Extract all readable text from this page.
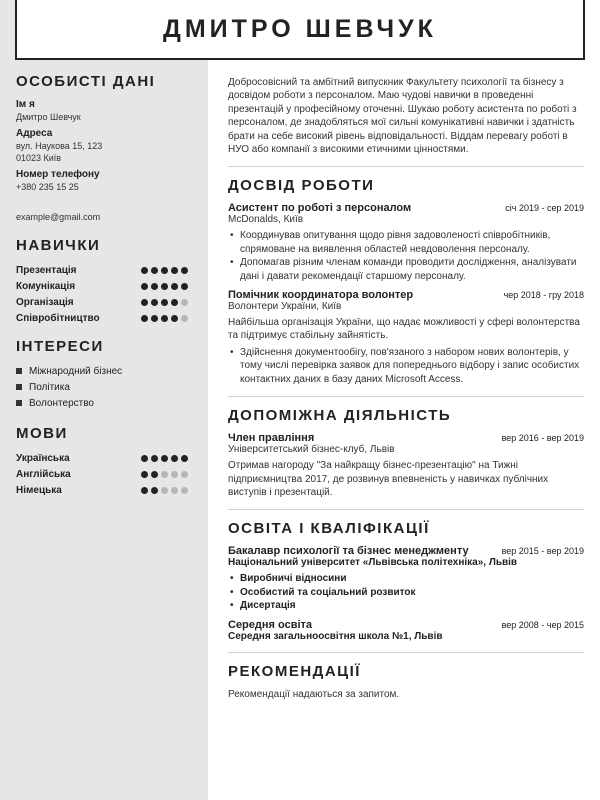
ДМИТРО ШЕВЧУК
ОСОБИСТІ ДАНІ
Ім я
Дмитро Шевчук
Адреса
вул. Наукова 15, 123
01023 Київ
Номер телефону
+380 235 15 25
example@gmail.com
НАВИЧКИ
Презентація
Комунікація
Організація
Співробітництво
ІНТЕРЕСИ
Міжнародний бізнес
Політика
Волонтерство
МОВИ
Українська
Англійська
Німецька
Добросовісний та амбітний випускник Факультету психології та бізнесу з досвідом роботи з персоналом. Маю чудові навички в проведенні презентацій у професійному оточенні. Шукаю роботу асистента по роботі з персоналом, де знадобляться мої сильні комунікативні навички і здатність брати на себе високий рівень відповідальності. Віддам перевагу роботі в НУО або компанії з високими етичними цінностями.
ДОСВІД РОБОТИ
Асистент по роботі з персоналом	січ 2019 - сер 2019
McDonalds, Київ
• Координував опитування щодо рівня задоволеності співробітників, спрямоване на виявлення областей невдоволення персоналу.
• Допомагав різним членам команди проводити дослідження, аналізувати дані і давати рекомендації старшому персоналу.
Помічник координатора волонтер	чер 2018 - гру 2018
Волонтери України, Київ
Найбільша організація України, що надає можливості у сфері волонтерства та підтримує стабільну зайнятість.
• Здійснення документообігу, пов'язаного з набором нових волонтерів, у тому числі перевірка заявок для попереднього відбору і запис особистих контактних даних в базу даних Microsoft Access.
ДОПОМІЖНА ДІЯЛЬНІСТЬ
Член правління	вер 2016 - вер 2019
Університетський бізнес-клуб, Львів
Отримав нагороду "За найкращу бізнес-презентацію" на Тижні підприємництва 2017, де розвинув впевненість у навичках публічних виступів і презентацій.
ОСВІТА І КВАЛІФІКАЦІЇ
Бакалавр психології та бізнес менеджменту	вер 2015 - вер 2019
Національний університет «Львівська політехніка», Львів
• Виробничі відносини
• Особистий та соціальний розвиток
• Дисертація
Середня освіта	вер 2008 - чер 2015
Середня загальноосвітня школа №1, Львів
РЕКОМЕНДАЦІЇ
Рекомендації надаються за запитом.
